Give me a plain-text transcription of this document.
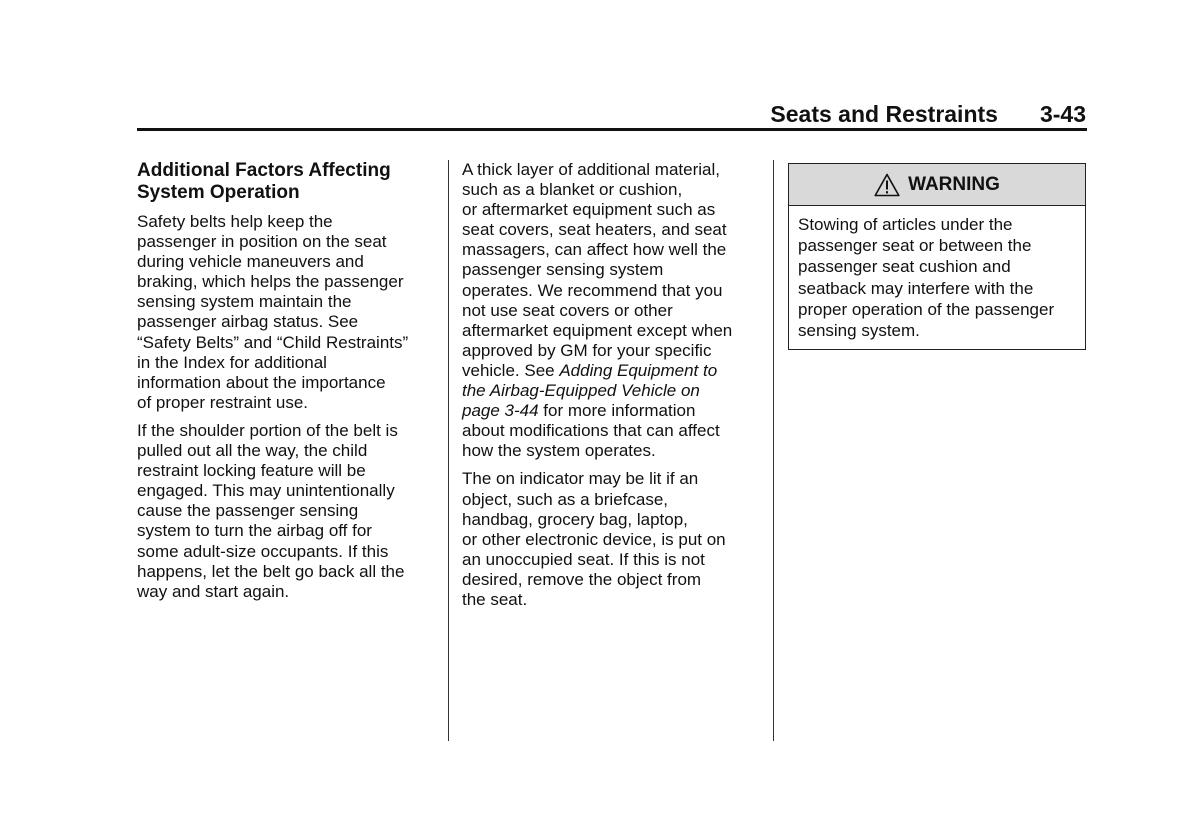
Seats and Restraints 3-43
Additional Factors Affecting
System Operation

Safety belts help keep the
passenger in position on the seat
during vehicle maneuvers and
braking, which helps the passenger
sensing system maintain the
passenger airbag status. See
“Safety Belts” and “Child Restraints”
in the Index for additional
information about the importance
of proper restraint use.

If the shoulder portion of the belt is
pulled out all the way, the child
restraint locking feature will be
engaged. This may unintentionally
cause the passenger sensing
system to turn the airbag off for
some adult-size occupants. If this
happens, let the belt go back all the
way and start again.

A thick layer of additional material,
such as a blanket or cushion,
or aftermarket equipment such as
seat covers, seat heaters, and seat
massagers, can affect how well the
passenger sensing system
operates. We recommend that you
not use seat covers or other
aftermarket equipment except when
approved by GM for your specific
vehicle. See Adding Equipment to
the Airbag-Equipped Vehicle on
page 3-44 for more information
about modifications that can affect
how the system operates.

The on indicator may be lit if an
object, such as a briefcase,
handbag, grocery bag, laptop,
or other electronic device, is put on
an unoccupied seat. If this is not
desired, remove the object from
the seat.

WARNING
Stowing of articles under the
passenger seat or between the
passenger seat cushion and
seatback may interfere with the
proper operation of the passenger
sensing system.
